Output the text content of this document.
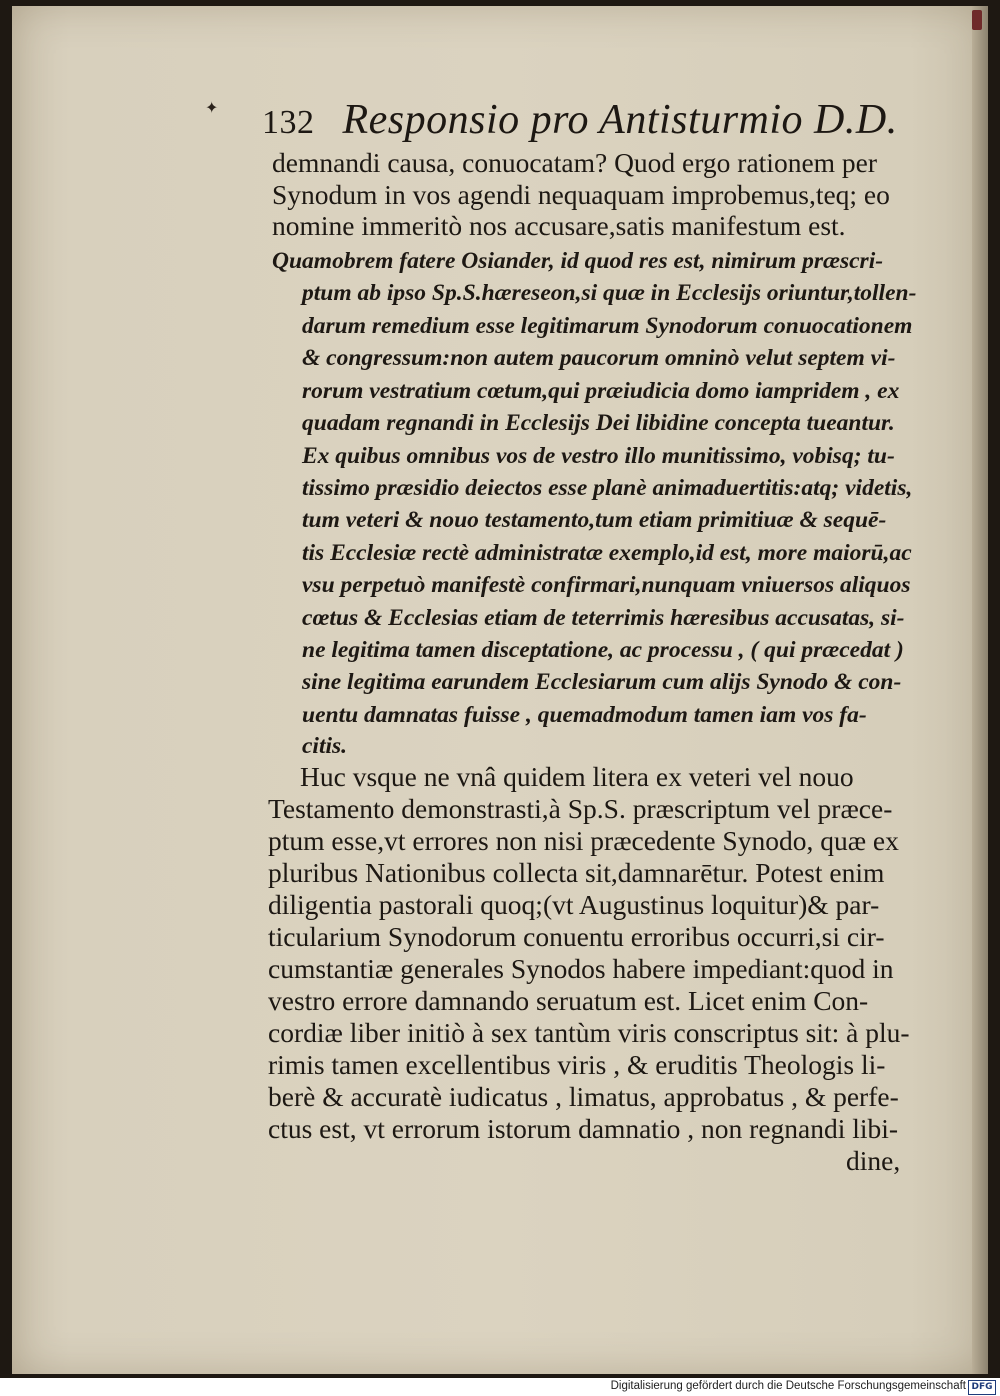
✦ 132 Responsio pro Antisturmio D.D.
demnandi causa, conuocatam? Quod ergo rationem per
Synodum in vos agendi nequaquam improbemus,teq; eo
nomine immeritò nos accusare,satis manifestum est.
Quamobrem fatere Osiander, id quod res est, nimirum præscri-
ptum ab ipso Sp.S.hæreseon,si quæ in Ecclesijs oriuntur,tollen-
darum remedium esse legitimarum Synodorum conuocationem
& congressum:non autem paucorum omninò velut septem vi-
rorum vestratium cœtum,qui præiudicia domo iampridem , ex
quadam regnandi in Ecclesijs Dei libidine concepta tueantur.
Ex quibus omnibus vos de vestro illo munitissimo, vobisq; tu-
tissimo præsidio deiectos esse planè animaduertitis:atq; videtis,
tum veteri & nouo testamento,tum etiam primitiuæ & sequē-
tis Ecclesiæ rectè administratæ exemplo,id est, more maiorū,ac
vsu perpetuò manifestè confirmari,nunquam vniuersos aliquos
cœtus & Ecclesias etiam de teterrimis hæresibus accusatas, si-
ne legitima tamen disceptatione, ac processu , ( qui præcedat )
sine legitima earundem Ecclesiarum cum alijs Synodo & con-
uentu damnatas fuisse , quemadmodum tamen iam vos fa-
citis.
Huc vsque ne vnâ quidem litera ex veteri vel nouo
Testamento demonstrasti,à Sp.S. præscriptum vel præce-
ptum esse,vt errores non nisi præcedente Synodo, quæ ex
pluribus Nationibus collecta sit,damnarētur. Potest enim
diligentia pastorali quoq;(vt Augustinus loquitur)& par-
ticularium Synodorum conuentu erroribus occurri,si cir-
cumstantiæ generales Synodos habere impediant:quod in
vestro errore damnando seruatum est. Licet enim Con-
cordiæ liber initiò à sex tantùm viris conscriptus sit: à plu-
rimis tamen excellentibus viris , & eruditis Theologis li-
berè & accuratè iudicatus , limatus, approbatus , & perfe-
ctus est, vt errorum istorum damnatio , non regnandi libi-
dine,
Digitalisierung gefördert durch die Deutsche Forschungsgemeinschaft DFG
